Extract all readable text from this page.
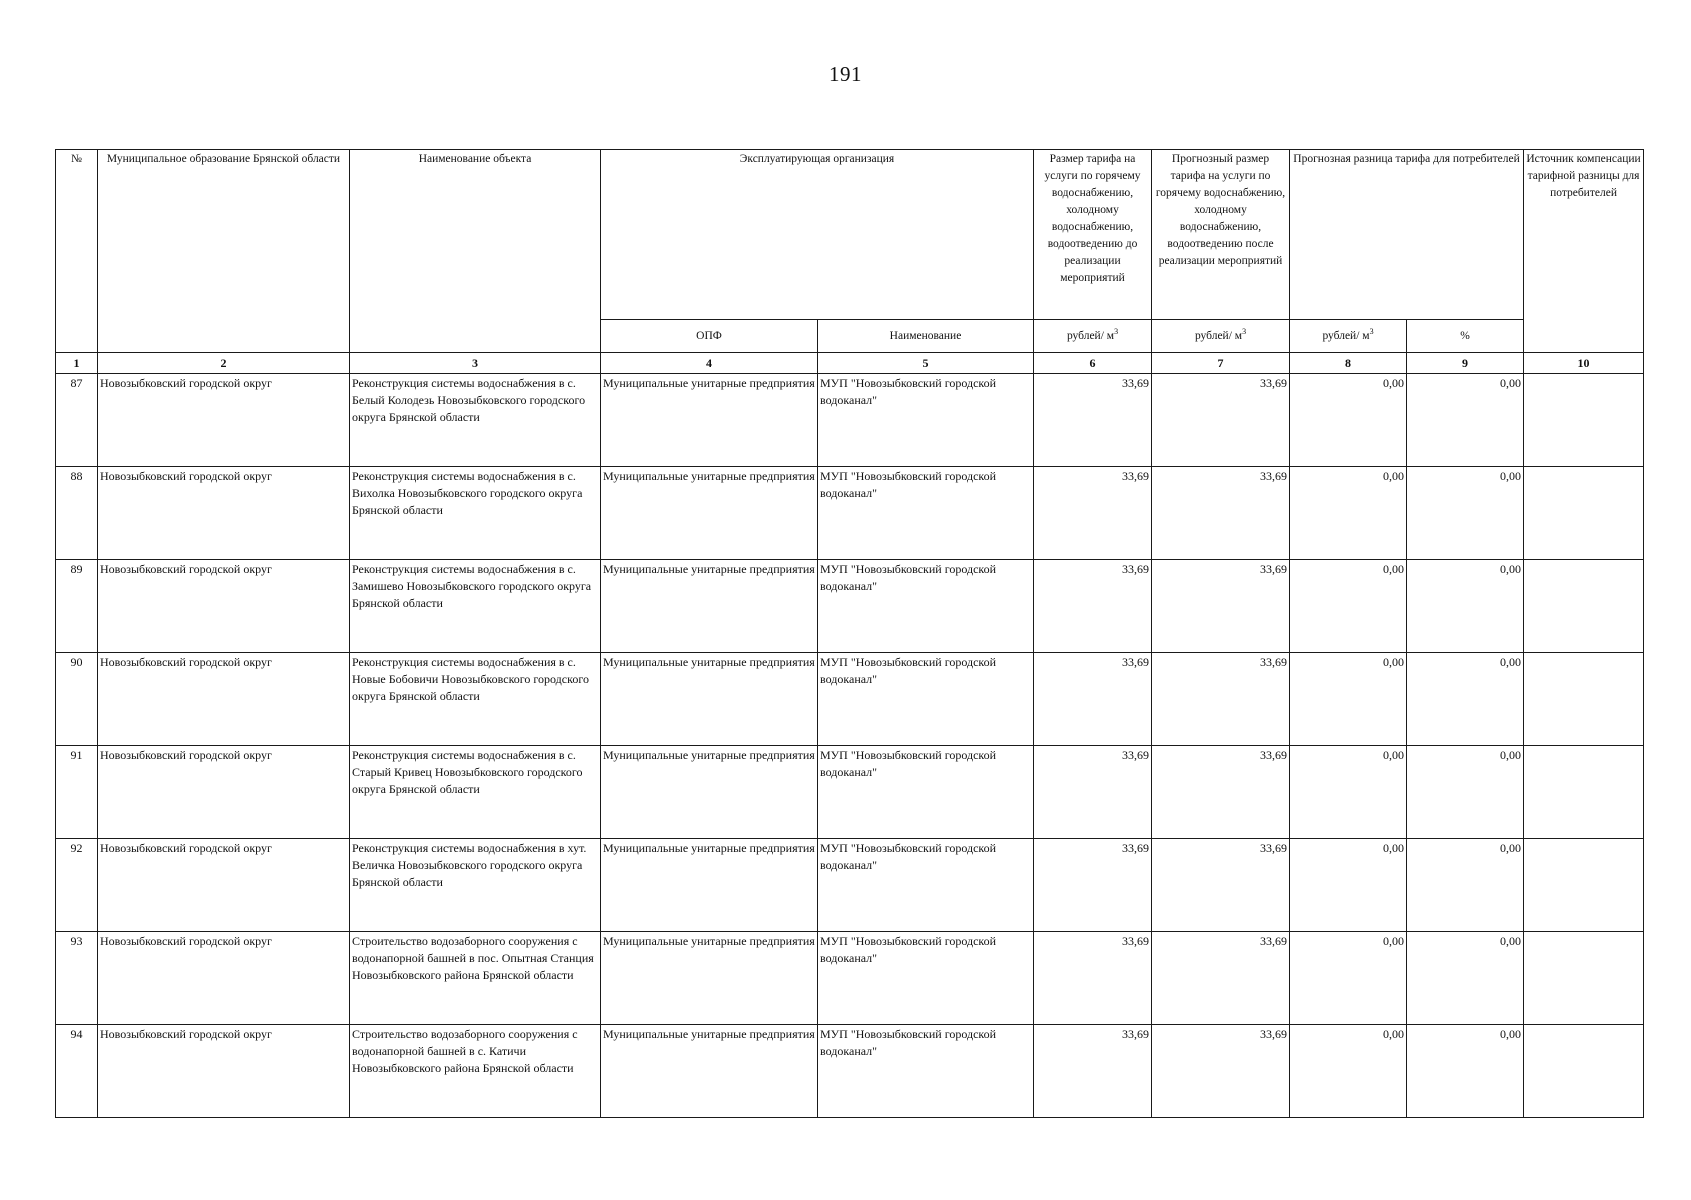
191
№	Муниципальное образование Брянской области	Наименование объекта	Эксплуатирующая организация		Размер тарифа на услуги по горячему водоснабжению, холодному водоснабжению, водоотведению до реализации мероприятий	Прогнозный размер тарифа на услуги по горячему водоснабжению, холодному водоснабжению, водоотведению после реализации мероприятий	Прогнозная разница тарифа для потребителей		Источник компенсации тарифной разницы для потребителей
			ОПФ	Наименование	рублей/ $м^3$	рублей/ $м^3$	рублей/ $м^3$	%	
1	2	3	4	5	6	7	8	9	10
87	Новозыбковский городской округ	Реконструкция системы водоснабжения в с. Белый Колодезь Новозыбковского городского округа Брянской области	Муниципальные унитарные предприятия	МУП "Новозыбковский городской водоканал"	33,69	33,69	0,00	0,00	
88	Новозыбковский городской округ	Реконструкция системы водоснабжения в с. Вихолка Новозыбковского городского округа Брянской области	Муниципальные унитарные предприятия	МУП "Новозыбковский городской водоканал"	33,69	33,69	0,00	0,00	
89	Новозыбковский городской округ	Реконструкция системы водоснабжения в с. Замишево Новозыбковского городского округа Брянской области	Муниципальные унитарные предприятия	МУП "Новозыбковский городской водоканал"	33,69	33,69	0,00	0,00	
90	Новозыбковский городской округ	Реконструкция системы водоснабжения в с. Новые Бобовичи Новозыбковского городского округа Брянской области	Муниципальные унитарные предприятия	МУП "Новозыбковский городской водоканал"	33,69	33,69	0,00	0,00	
91	Новозыбковский городской округ	Реконструкция системы водоснабжения в с. Старый Кривец Новозыбковского городского округа Брянской области	Муниципальные унитарные предприятия	МУП "Новозыбковский городской водоканал"	33,69	33,69	0,00	0,00	
92	Новозыбковский городской округ	Реконструкция системы водоснабжения в хут. Величка Новозыбковского городского округа Брянской области	Муниципальные унитарные предприятия	МУП "Новозыбковский городской водоканал"	33,69	33,69	0,00	0,00	
93	Новозыбковский городской округ	Строительство водозаборного сооружения с водонапорной башней в пос. Опытная Станция Новозыбковского района Брянской области	Муниципальные унитарные предприятия	МУП "Новозыбковский городской водоканал"	33,69	33,69	0,00	0,00	
94	Новозыбковский городской округ	Строительство водозаборного сооружения с водонапорной башней в с. Катичи Новозыбковского района Брянской области	Муниципальные унитарные предприятия	МУП "Новозыбковский городской водоканал"	33,69	33,69	0,00	0,00	
